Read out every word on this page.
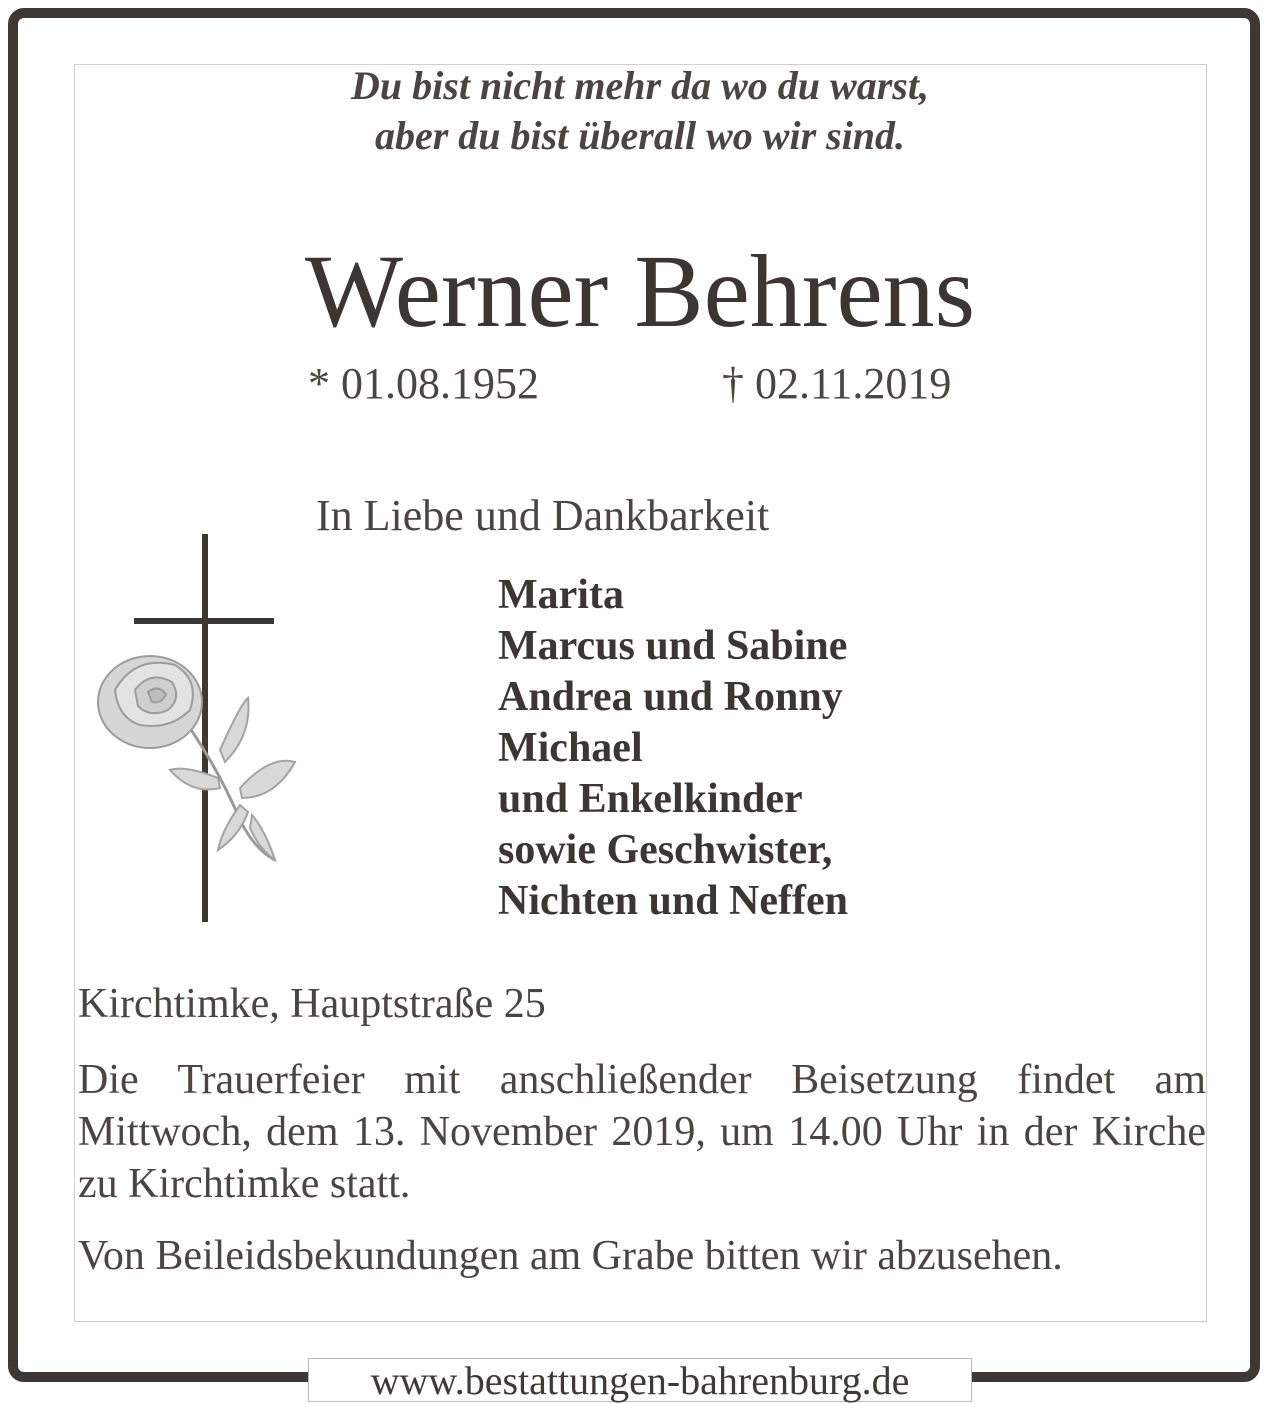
Du bist nicht mehr da wo du warst,
aber du bist überall wo wir sind.
Werner Behrens
* 01.08.1952	† 02.11.2019
In Liebe und Dankbarkeit
Marita
Marcus und Sabine
Andrea und Ronny
Michael
und Enkelkinder
sowie Geschwister,
Nichten und Neffen
Kirchtimke, Hauptstraße 25
Die Trauerfeier mit anschließender Beisetzung findet am Mittwoch, dem 13. November 2019, um 14.00 Uhr in der Kirche zu Kirchtimke statt.
Von Beileidsbekundungen am Grabe bitten wir abzusehen.
www.bestattungen-bahrenburg.de
